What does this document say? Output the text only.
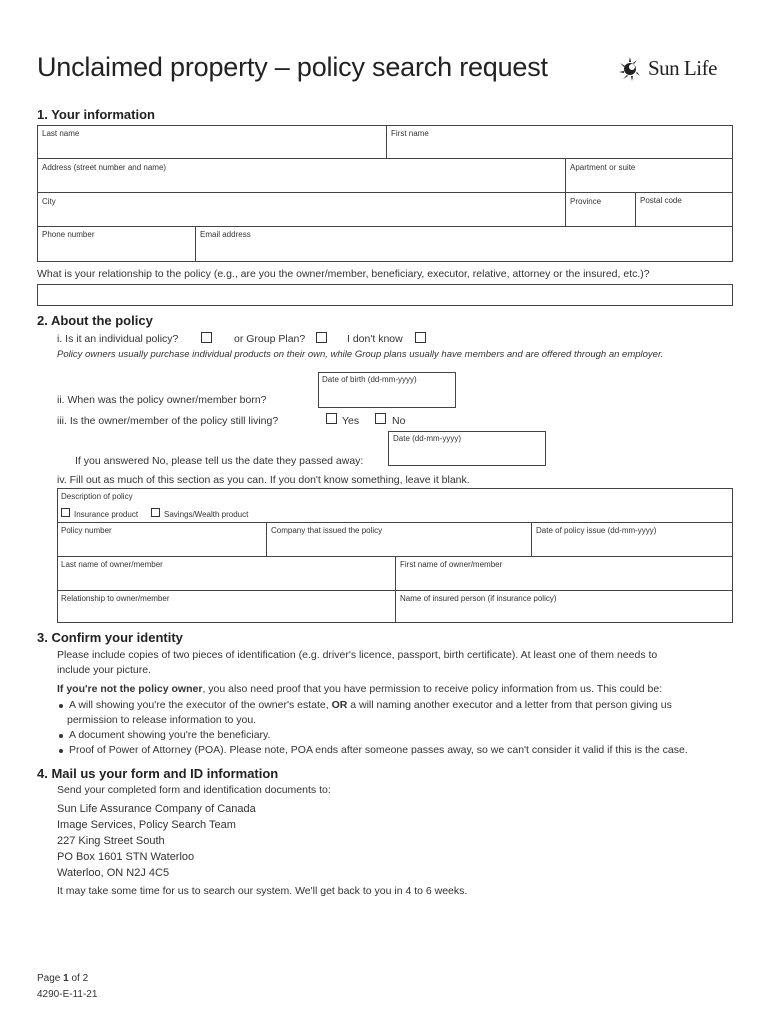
Unclaimed property – policy search request	Sun Life
1. Your information
Last name	First name
Address (street number and name)	Apartment or suite
City	Province	Postal code
Phone number	Email address
What is your relationship to the policy (e.g., are you the owner/member, beneficiary, executor, relative, attorney or the insured, etc.)?
2. About the policy
i. Is it an individual policy?	or Group Plan?	I don't know
Policy owners usually purchase individual products on their own, while Group plans usually have members and are offered through an employer.
Date of birth (dd-mm-yyyy)
ii. When was the policy owner/member born?
iii. Is the owner/member of the policy still living?	Yes	No
Date (dd-mm-yyyy)
If you answered No, please tell us the date they passed away:
iv. Fill out as much of this section as you can. If you don't know something, leave it blank.
Description of policy
Insurance product	Savings/Wealth product
Policy number	Company that issued the policy	Date of policy issue (dd-mm-yyyy)
Last name of owner/member	First name of owner/member
Relationship to owner/member	Name of insured person (if insurance policy)
3. Confirm your identity
Please include copies of two pieces of identification (e.g. driver's licence, passport, birth certificate). At least one of them needs to
include your picture.
If you're not the policy owner, you also need proof that you have permission to receive policy information from us. This could be:
A will showing you're the executor of the owner's estate, OR a will naming another executor and a letter from that person giving us
permission to release information to you.
A document showing you're the beneficiary.
Proof of Power of Attorney (POA). Please note, POA ends after someone passes away, so we can't consider it valid if this is the case.
4. Mail us your form and ID information
Send your completed form and identification documents to:
Sun Life Assurance Company of Canada
Image Services, Policy Search Team
227 King Street South
PO Box 1601 STN Waterloo
Waterloo, ON N2J 4C5
It may take some time for us to search our system. We'll get back to you in 4 to 6 weeks.
Page 1 of 2
4290-E-11-21
